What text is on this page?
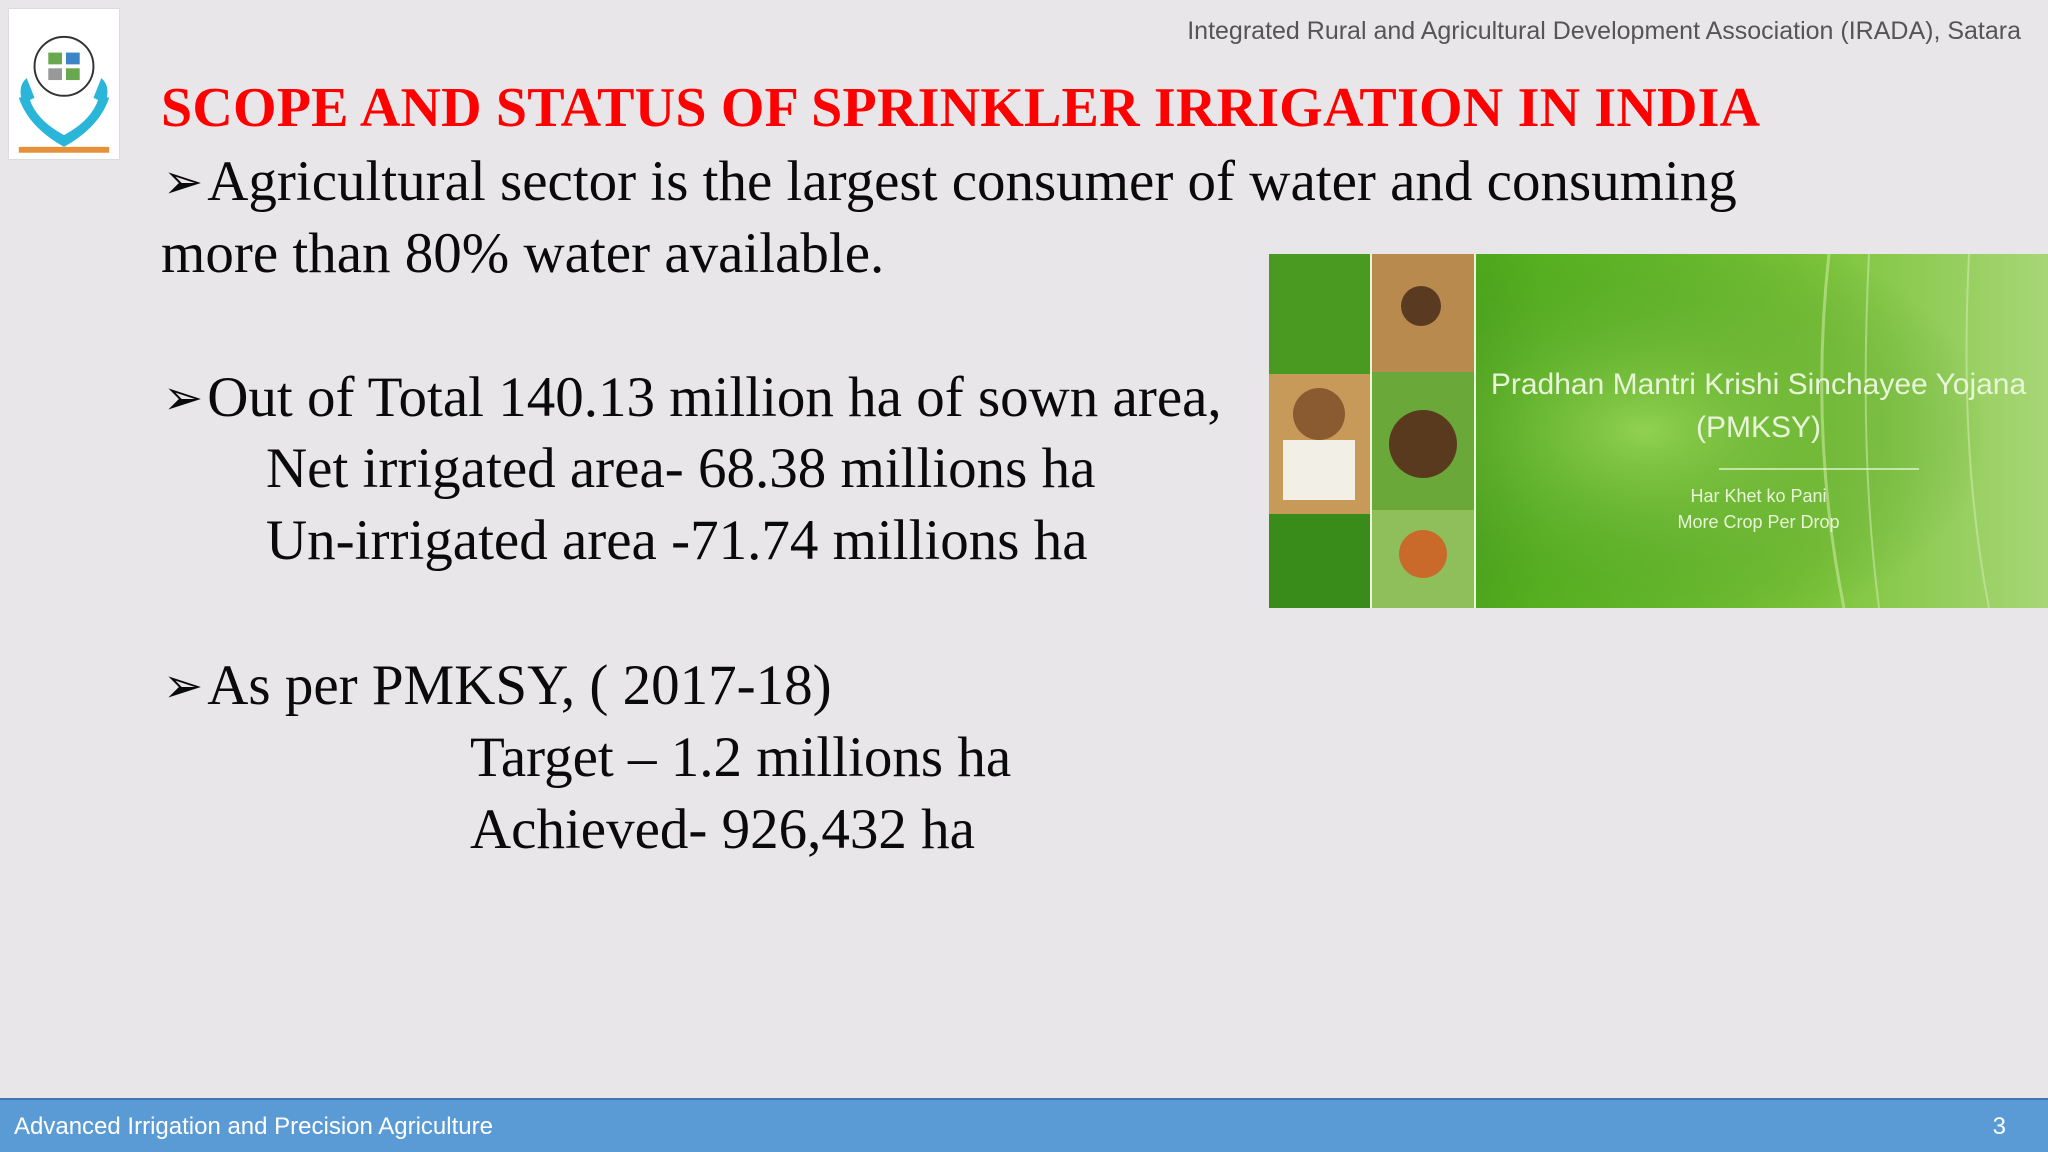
Integrated Rural and Agricultural Development Association (IRADA), Satara
SCOPE AND STATUS OF SPRINKLER IRRIGATION IN INDIA
➢Agricultural sector is the largest consumer of water and consuming
more than 80% water available.
➢Out of Total 140.13 million ha of sown area,
Net irrigated area- 68.38 millions ha
Un-irrigated area -71.74 millions ha
➢As per PMKSY, ( 2017-18)
Target – 1.2 millions ha
Achieved- 926,432 ha
Pradhan Mantri Krishi Sinchayee Yojana
(PMKSY)
Har Khet ko Pani
More Crop Per Drop
Advanced Irrigation and Precision Agriculture	3
